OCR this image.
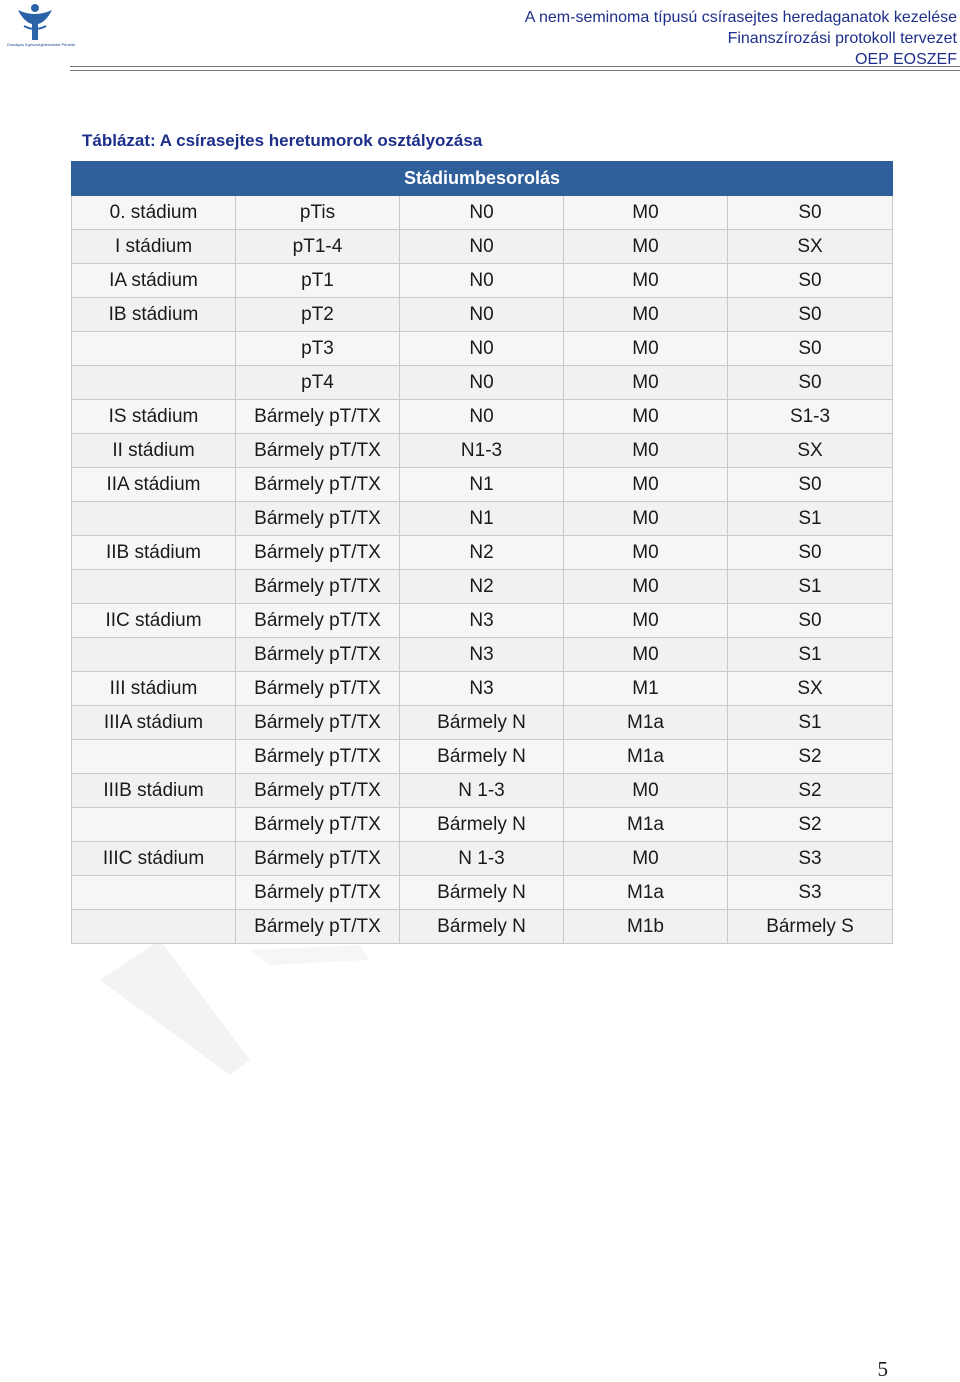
Országos Egészségbiztosítási Pénztár
A nem-seminoma típusú csírasejtes heredaganatok kezelése
Finanszírozási protokoll tervezet
OEP EOSZEF
Táblázat: A csírasejtes heretumorok osztályozása
Stádiumbesorolás				
0. stádium	pTis	N0	M0	S0
I stádium	pT1-4	N0	M0	SX
IA stádium	pT1	N0	M0	S0
IB stádium	pT2	N0	M0	S0
	pT3	N0	M0	S0
	pT4	N0	M0	S0
IS stádium	Bármely pT/TX	N0	M0	S1-3
II stádium	Bármely pT/TX	N1-3	M0	SX
IIA stádium	Bármely pT/TX	N1	M0	S0
	Bármely pT/TX	N1	M0	S1
IIB stádium	Bármely pT/TX	N2	M0	S0
	Bármely pT/TX	N2	M0	S1
IIC stádium	Bármely pT/TX	N3	M0	S0
	Bármely pT/TX	N3	M0	S1
III stádium	Bármely pT/TX	N3	M1	SX
IIIA stádium	Bármely pT/TX	Bármely N	M1a	S1
	Bármely pT/TX	Bármely N	M1a	S2
IIIB stádium	Bármely pT/TX	N 1-3	M0	S2
	Bármely pT/TX	Bármely N	M1a	S2
IIIC stádium	Bármely pT/TX	N 1-3	M0	S3
	Bármely pT/TX	Bármely N	M1a	S3
	Bármely pT/TX	Bármely N	M1b	Bármely S
5
